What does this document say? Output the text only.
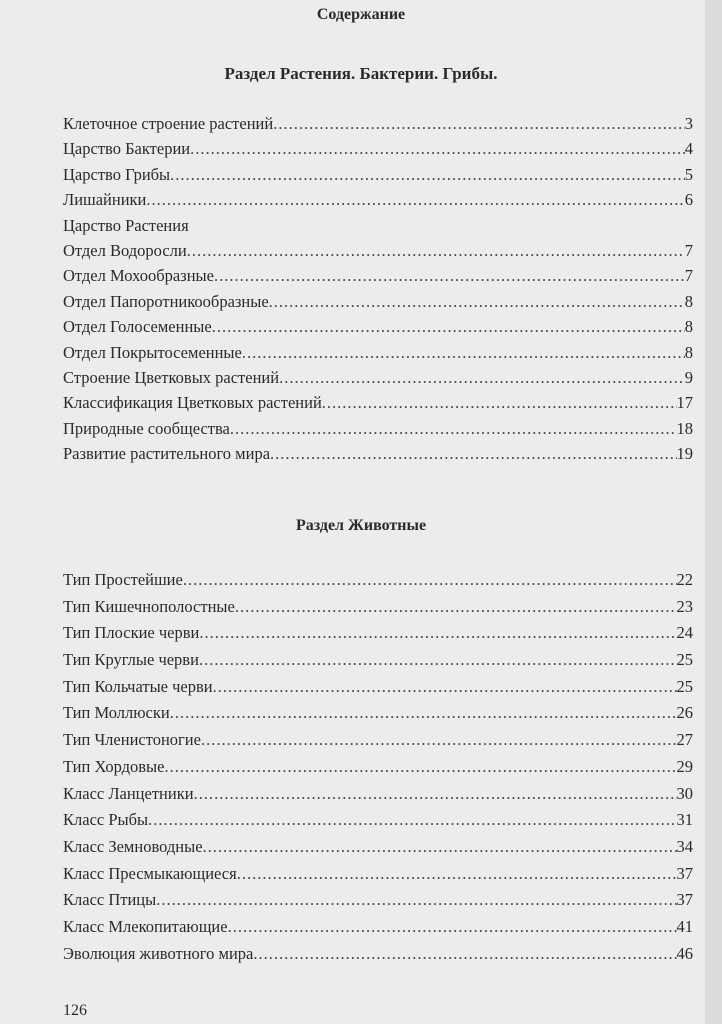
Содержание
Раздел Растения. Бактерии. Грибы.
Клеточное строение растений .....	3
Царство Бактерии .....	4
Царство Грибы .....	5
Лишайники .....	6
Царство Растения
Отдел Водоросли .....	7
Отдел Мохообразные .....	7
Отдел Папоротникообразные .....	8
Отдел Голосеменные .....	8
Отдел Покрытосеменные .....	8
Строение Цветковых растений .....	9
Классификация Цветковых растений .....	17
Природные сообщества .....	18
Развитие растительного мира .....	19
Раздел Животные
Тип Простейшие .....	22
Тип Кишечнополостные .....	23
Тип Плоские черви .....	24
Тип Круглые черви .....	25
Тип Кольчатые черви .....	25
Тип Моллюски .....	26
Тип Членистоногие .....	27
Тип Хордовые .....	29
Класс Ланцетники .....	30
Класс Рыбы .....	31
Класс Земноводные .....	34
Класс Пресмыкающиеся .....	37
Класс Птицы .....	37
Класс Млекопитающие .....	41
Эволюция животного мира .....	46
126
